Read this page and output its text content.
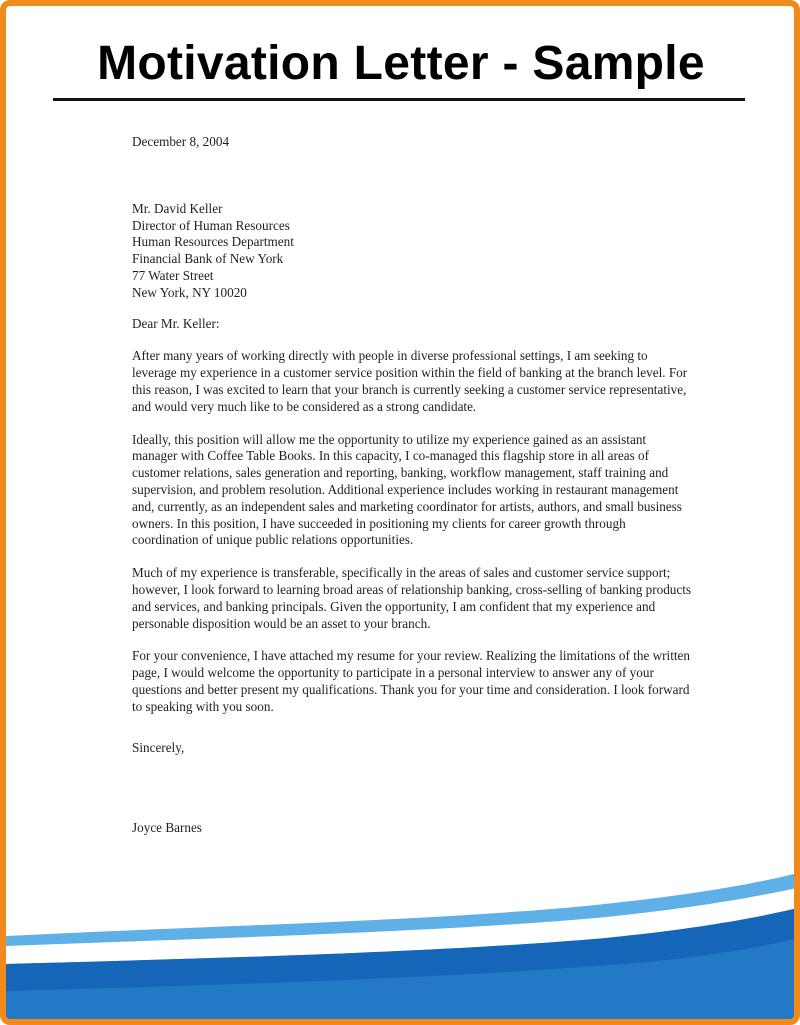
Motivation Letter - Sample

December 8, 2004

Mr. David Keller
Director of Human Resources
Human Resources Department
Financial Bank of New York
77 Water Street
New York, NY 10020

Dear Mr. Keller:

After many years of working directly with people in diverse professional settings, I am seeking to leverage my experience in a customer service position within the field of banking at the branch level. For this reason, I was excited to learn that your branch is currently seeking a customer service representative, and would very much like to be considered as a strong candidate.

Ideally, this position will allow me the opportunity to utilize my experience gained as an assistant manager with Coffee Table Books. In this capacity, I co-managed this flagship store in all areas of customer relations, sales generation and reporting, banking, workflow management, staff training and supervision, and problem resolution. Additional experience includes working in restaurant management and, currently, as an independent sales and marketing coordinator for artists, authors, and small business owners. In this position, I have succeeded in positioning my clients for career growth through coordination of unique public relations opportunities.

Much of my experience is transferable, specifically in the areas of sales and customer service support; however, I look forward to learning broad areas of relationship banking, cross-selling of banking products and services, and banking principals. Given the opportunity, I am confident that my experience and personable disposition would be an asset to your branch.

For your convenience, I have attached my resume for your review. Realizing the limitations of the written page, I would welcome the opportunity to participate in a personal interview to answer any of your questions and better present my qualifications. Thank you for your time and consideration. I look forward to speaking with you soon.

Sincerely,

Joyce Barnes
